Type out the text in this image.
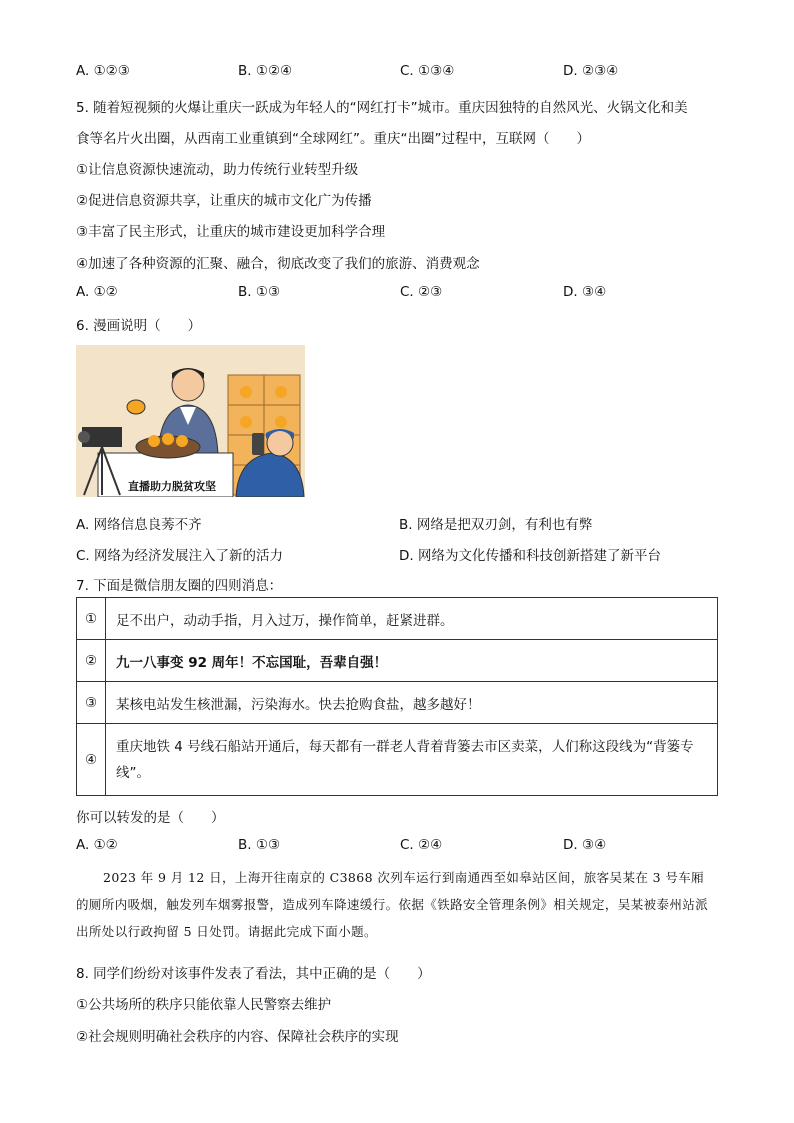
A. ①②③	B. ①②④	C. ①③④	D. ②③④
5. 随着短视频的火爆让重庆一跃成为年轻人的“网红打卡”城市。重庆因独特的自然风光、火锅文化和美
食等名片火出圈，从西南工业重镇到“全球网红”。重庆“出圈”过程中，互联网（　　）
①让信息资源快速流动，助力传统行业转型升级
②促进信息资源共享，让重庆的城市文化广为传播
③丰富了民主形式，让重庆的城市建设更加科学合理
④加速了各种资源的汇聚、融合，彻底改变了我们的旅游、消费观念
A. ①②	B. ①③	C. ②③	D. ③④
6. 漫画说明（　　）
直播助力脱贫攻坚
A. 网络信息良莠不齐	B. 网络是把双刃剑，有利也有弊
C. 网络为经济发展注入了新的活力	D. 网络为文化传播和科技创新搭建了新平台
7. 下面是微信朋友圈的四则消息：
①	足不出户，动动手指，月入过万，操作简单，赶紧进群。
②	九一八事变 92 周年！不忘国耻，吾辈自强！
③	某核电站发生核泄漏，污染海水。快去抢购食盐，越多越好！
④	重庆地铁 4 号线石船站开通后，每天都有一群老人背着背篓去市区卖菜，人们称这段线为“背篓专线”。
你可以转发的是（　　）
A. ①②	B. ①③	C. ②④	D. ③④
2023 年 9 月 12 日，上海开往南京的 C3868 次列车运行到南通西至如皋站区间，旅客吴某在 3 号车厢的厕所内吸烟，触发列车烟雾报警，造成列车降速缓行。依据《铁路安全管理条例》相关规定，吴某被泰州站派出所处以行政拘留 5 日处罚。请据此完成下面小题。
8. 同学们纷纷对该事件发表了看法，其中正确的是（　　）
①公共场所的秩序只能依靠人民警察去维护
②社会规则明确社会秩序的内容、保障社会秩序的实现
